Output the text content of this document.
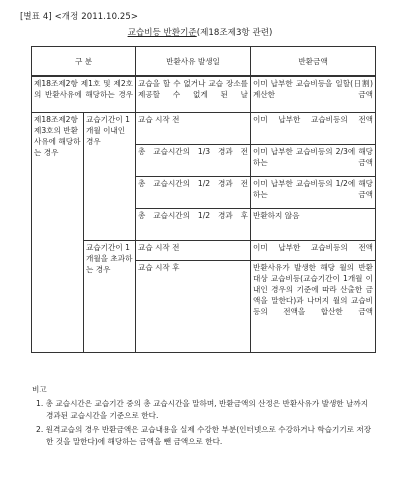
[별표 4] <개정 2011.10.25>
교습비등 반환기준(제18조제3항 관련)
구 분		반환사유 발생일	반환금액
제18조제2항 제1호 및 제2호의 반환사유에 해당하는 경우		교습을 할 수 없거나 교습 장소를 제공할 수 없게 된 날	이미 납부한 교습비등을 일할(日割) 계산한 금액
제18조제2항 제3호의 반환 사유에 해당하는 경우	교습기간이 1개월 이내인 경우	교습 시작 전	이미 납부한 교습비등의 전액
		총 교습시간의 1/3 경과 전	이미 납부한 교습비등의 2/3에 해당하는 금액
		총 교습시간의 1/2 경과 전	이미 납부한 교습비등의 1/2에 해당하는 금액
		총 교습시간의 1/2 경과 후	반환하지 않음
	교습기간이 1개월을 초과하는 경우	교습 시작 전	이미 납부한 교습비등의 전액
		교습 시작 후	반환사유가 발생한 해당 월의 반환 대상 교습비등(교습기간이 1개월 이내인 경우의 기준에 따라 산출한 금액을 말한다)과 나머지 월의 교습비등의 전액을 합산한 금액
비고
1. 총 교습시간은 교습기간 중의 총 교습시간을 말하며, 반환금액의 산정은 반환사유가 발생한 날까지 경과된 교습시간을 기준으로 한다.
2. 원격교습의 경우 반환금액은 교습내용을 실제 수강한 부분(인터넷으로 수강하거나 학습기기로 저장한 것을 말한다)에 해당하는 금액을 뺀 금액으로 한다.
